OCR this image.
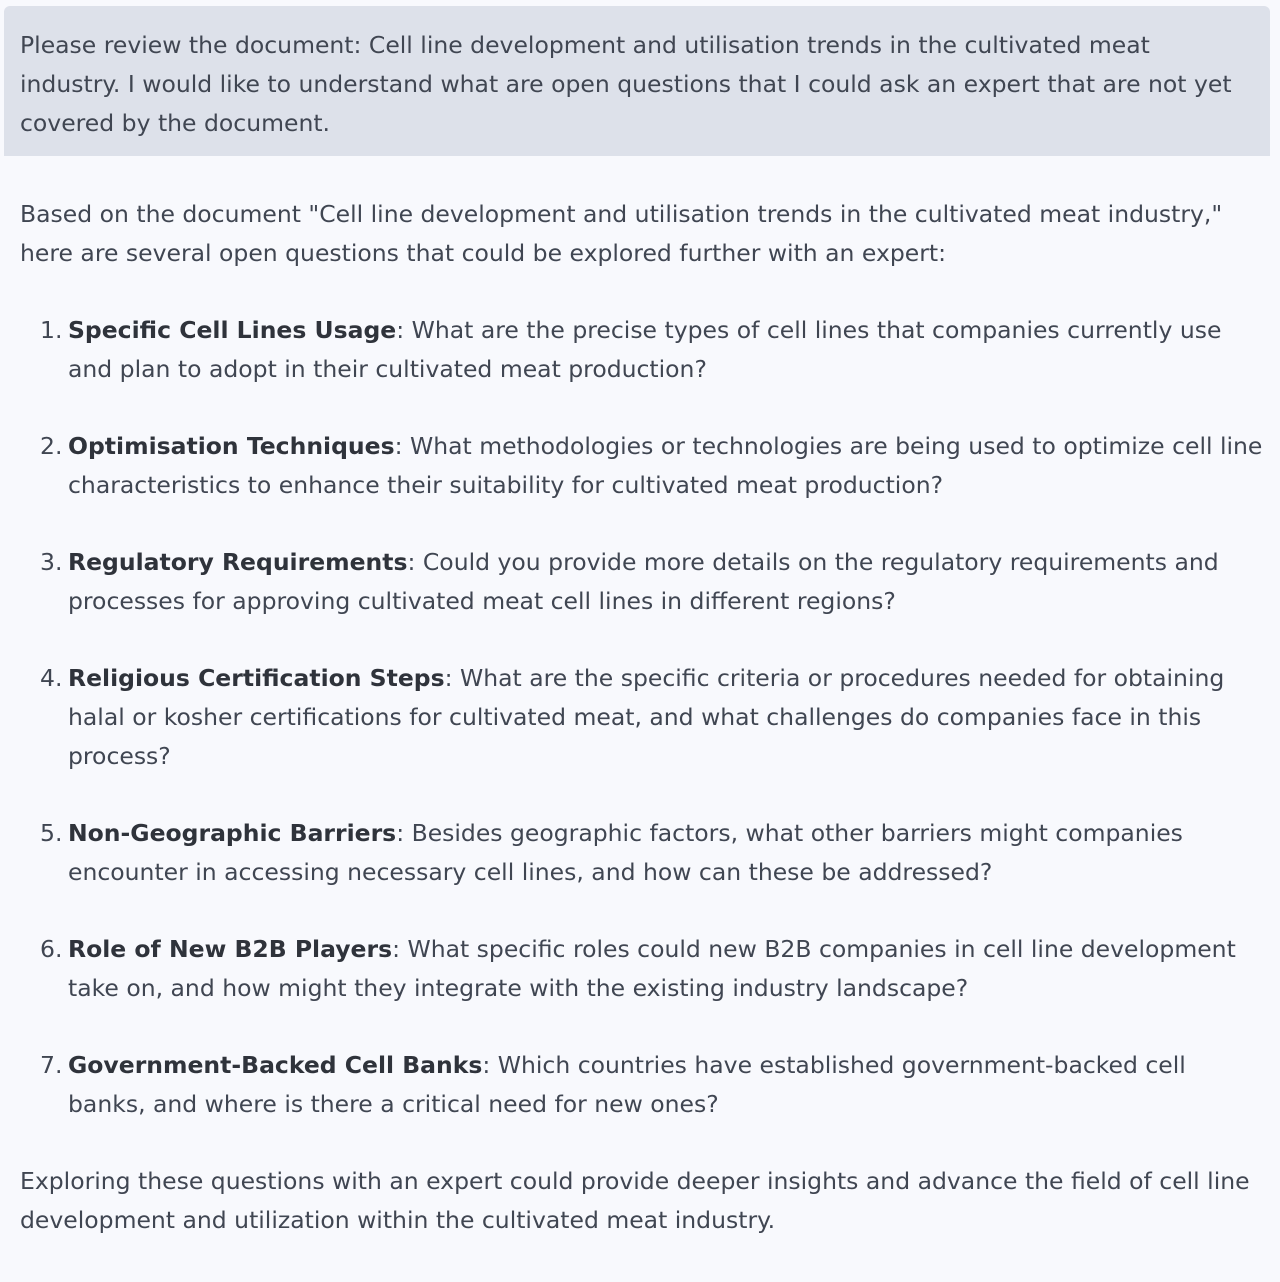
Please review the document: Cell line development and utilisation trends in the cultivated meat industry. I would like to understand what are open questions that I could ask an expert that are not yet covered by the document.

Based on the document "Cell line development and utilisation trends in the cultivated meat industry," here are several open questions that could be explored further with an expert:

1. Specific Cell Lines Usage: What are the precise types of cell lines that companies currently use and plan to adopt in their cultivated meat production?
2. Optimisation Techniques: What methodologies or technologies are being used to optimize cell line characteristics to enhance their suitability for cultivated meat production?
3. Regulatory Requirements: Could you provide more details on the regulatory requirements and processes for approving cultivated meat cell lines in different regions?
4. Religious Certification Steps: What are the specific criteria or procedures needed for obtaining halal or kosher certifications for cultivated meat, and what challenges do companies face in this process?
5. Non-Geographic Barriers: Besides geographic factors, what other barriers might companies encounter in accessing necessary cell lines, and how can these be addressed?
6. Role of New B2B Players: What specific roles could new B2B companies in cell line development take on, and how might they integrate with the existing industry landscape?
7. Government-Backed Cell Banks: Which countries have established government-backed cell banks, and where is there a critical need for new ones?

Exploring these questions with an expert could provide deeper insights and advance the field of cell line development and utilization within the cultivated meat industry.
